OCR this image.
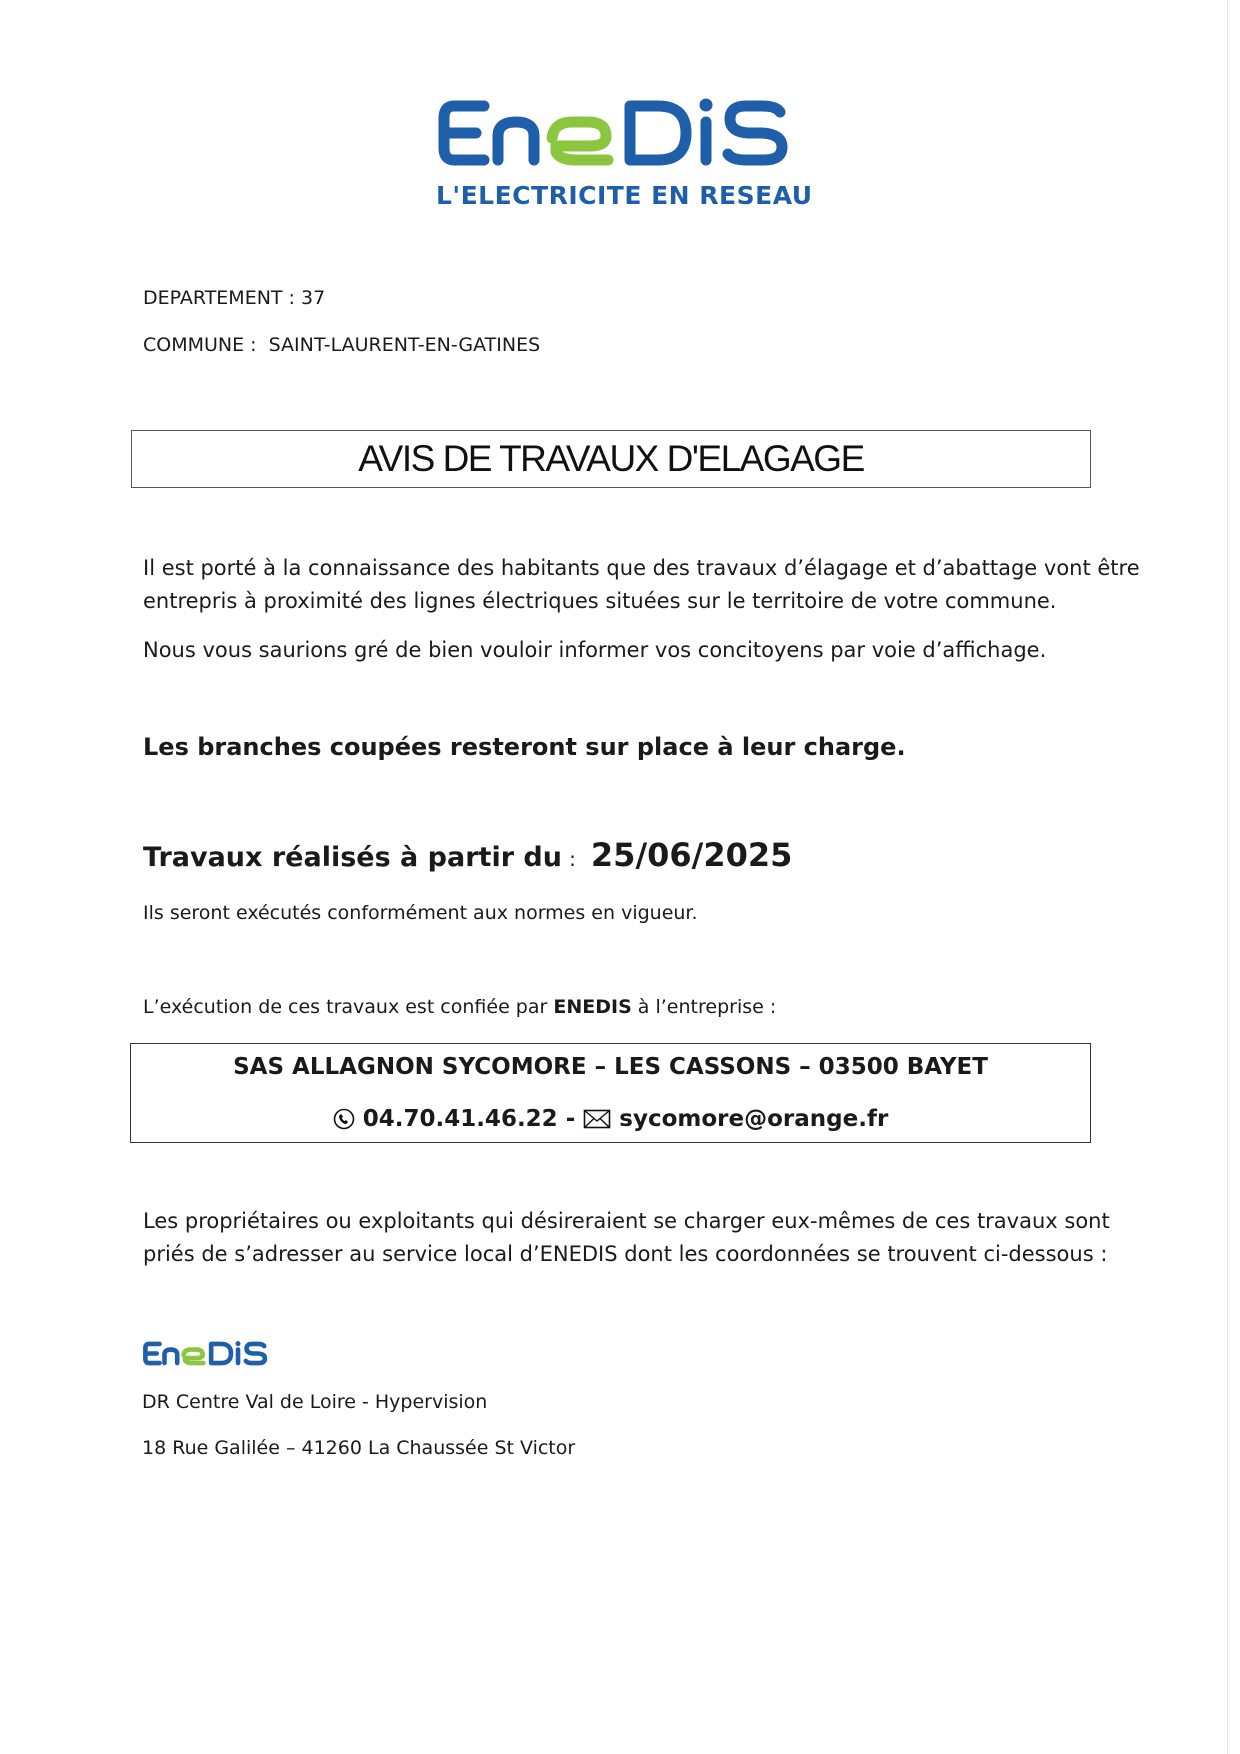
L'ELECTRICITE EN RESEAU
DEPARTEMENT : 37
COMMUNE : SAINT-LAURENT-EN-GATINES
AVIS DE TRAVAUX D'ELAGAGE
Il est porté à la connaissance des habitants que des travaux d’élagage et d’abattage vont être
entrepris à proximité des lignes électriques situées sur le territoire de votre commune.
Nous vous saurions gré de bien vouloir informer vos concitoyens par voie d’affichage.
Les branches coupées resteront sur place à leur charge.
Travaux réalisés à partir du : 25/06/2025
Ils seront exécutés conformément aux normes en vigueur.
L’exécution de ces travaux est confiée par ENEDIS à l’entreprise :
SAS ALLAGNON SYCOMORE – LES CASSONS – 03500 BAYET
04.70.41.46.22 - sycomore@orange.fr
Les propriétaires ou exploitants qui désireraient se charger eux-mêmes de ces travaux sont
priés de s’adresser au service local d’ENEDIS dont les coordonnées se trouvent ci-dessous :
DR Centre Val de Loire - Hypervision
18 Rue Galilée – 41260 La Chaussée St Victor
